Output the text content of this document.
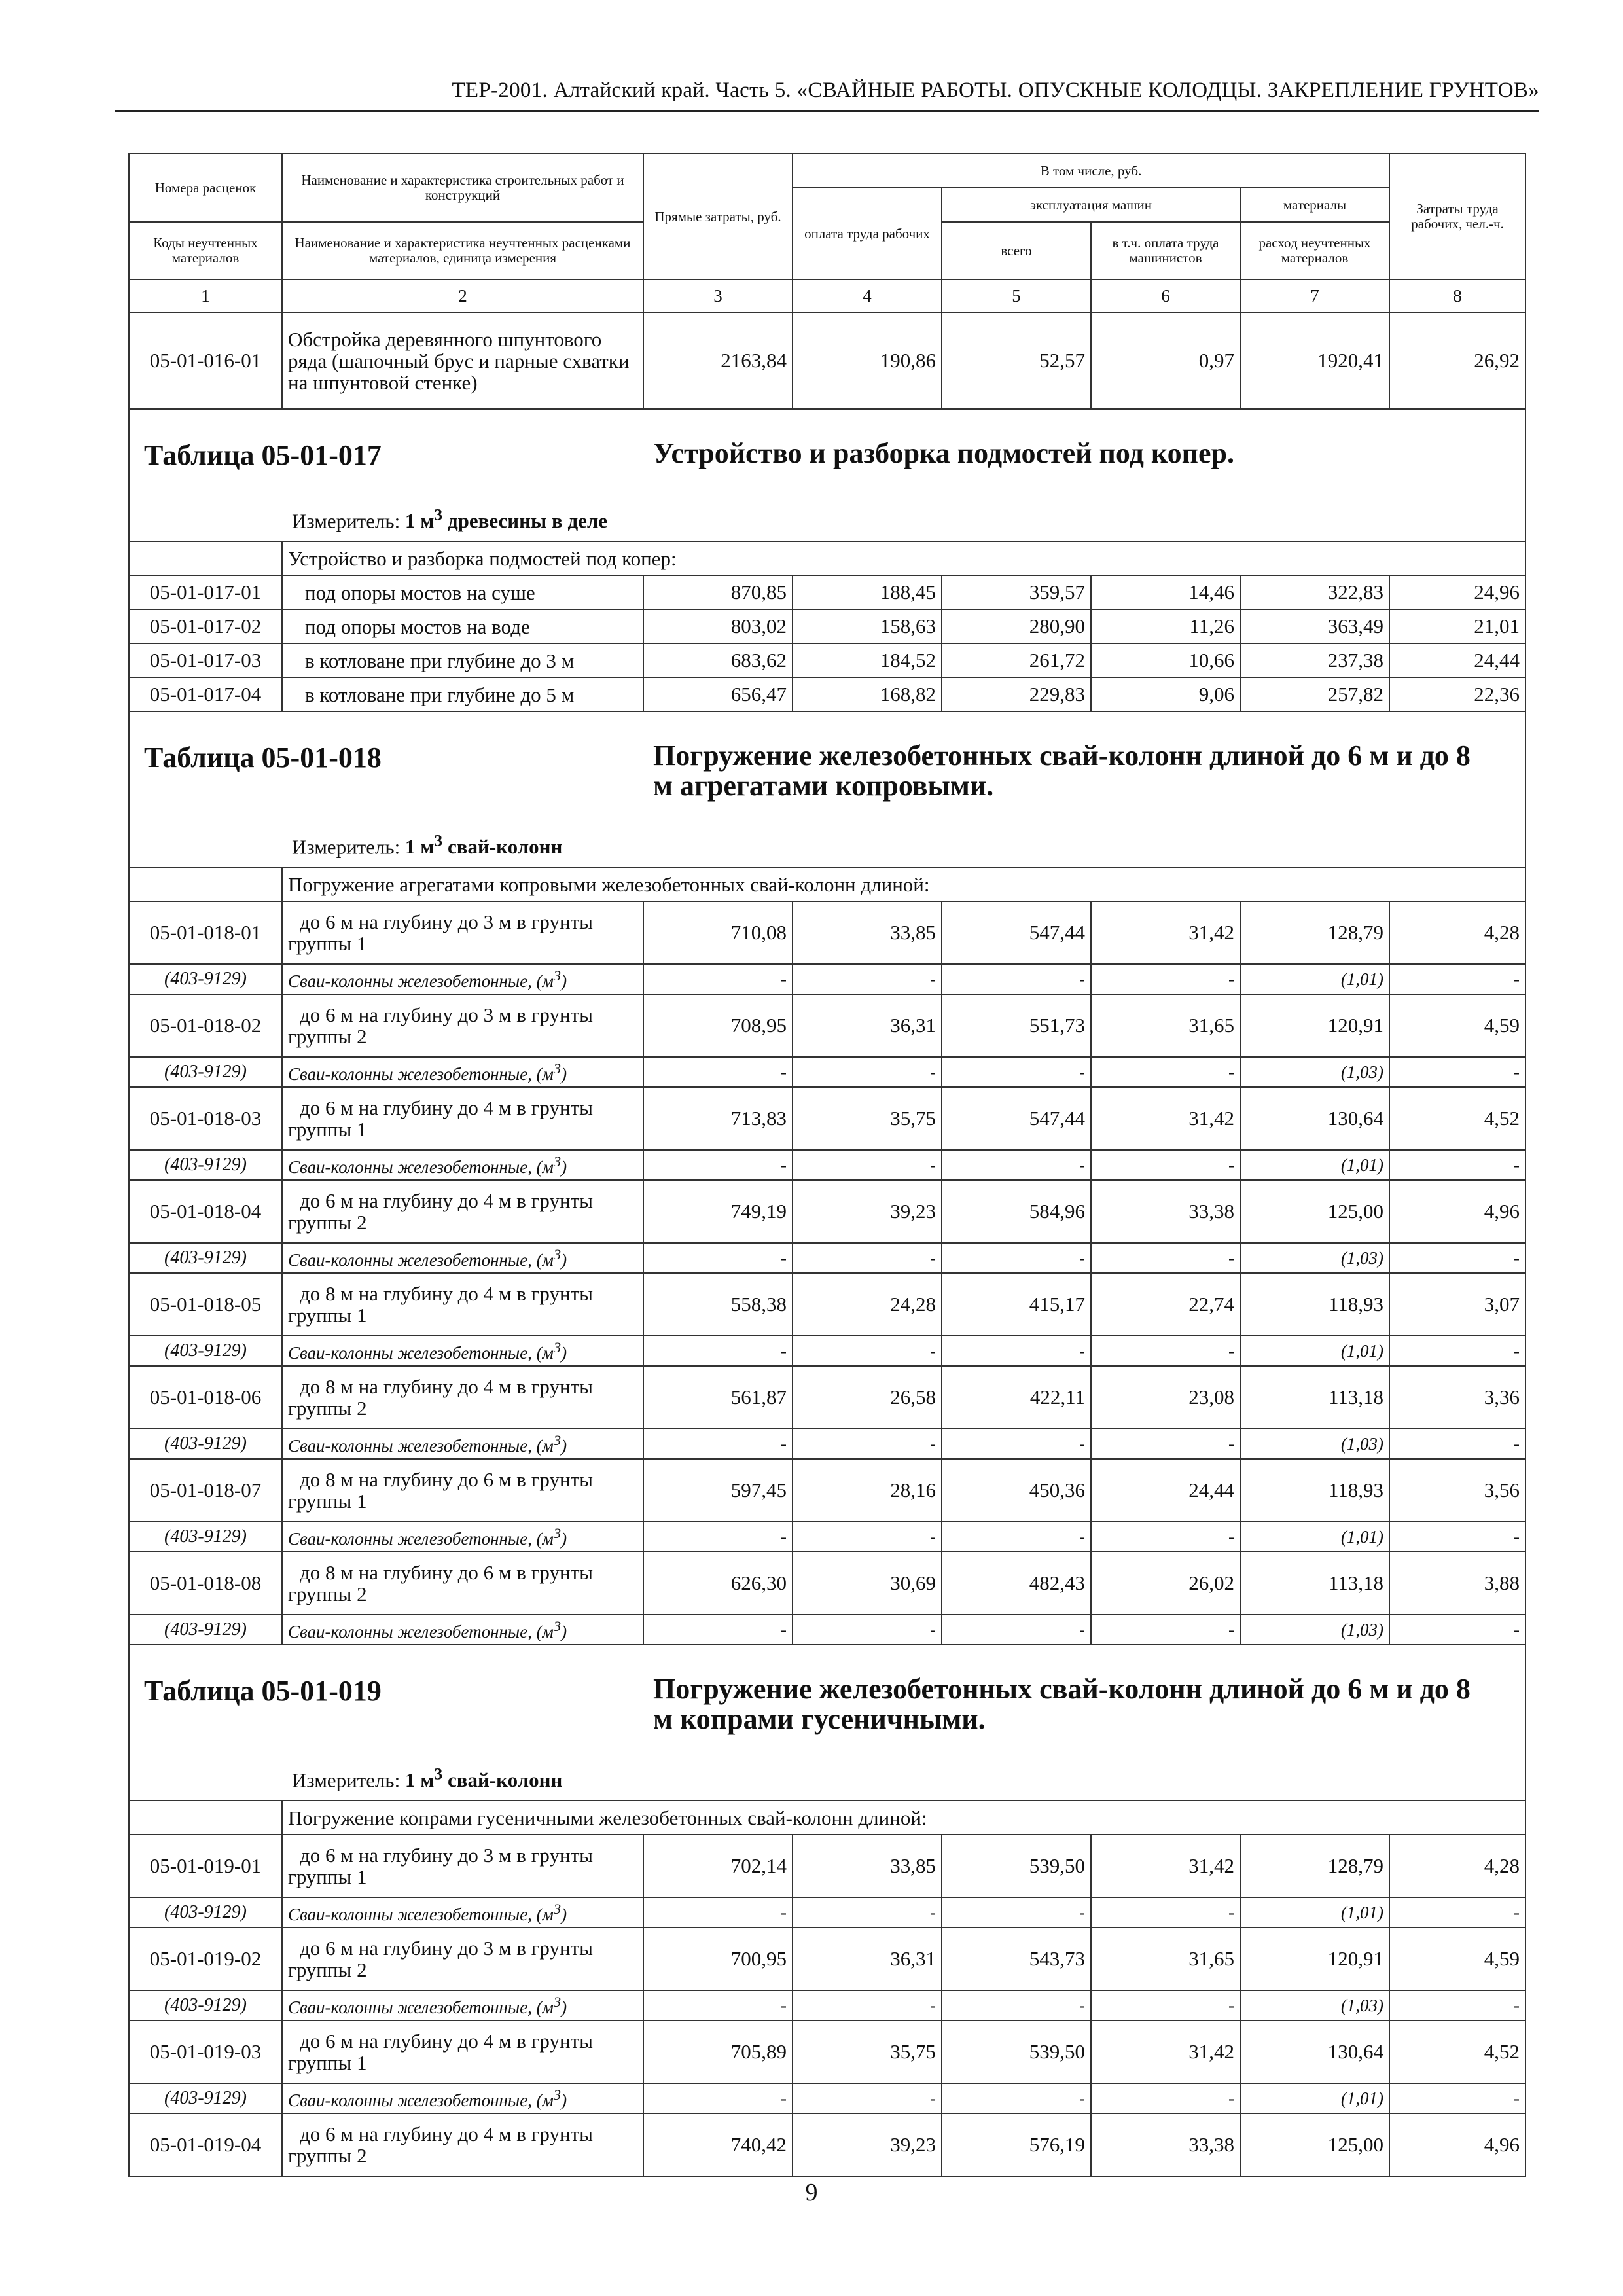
ТЕР-2001. Алтайский край. Часть 5. «СВАЙНЫЕ РАБОТЫ. ОПУСКНЫЕ КОЛОДЦЫ. ЗАКРЕПЛЕНИЕ ГРУНТОВ»
Номера расценок	Наименование и характеристика строительных работ и конструкций	Прямые затраты, руб.	В том числе, руб.				Затраты труда рабочих, чел.-ч.
			оплата труда рабочих	эксплуатация машин		материалы	
Коды неучтенных материалов	Наименование и характеристика неучтенных расценками материалов, единица измерения			всего	в т.ч. оплата труда машинистов	расход неучтенных материалов	
1	2	3	4	5	6	7	8
05-01-016-01	Обстройка деревянного шпунтового ряда (шапочный брус и парные схватки на шпунтовой стенке)	2163,84	190,86	52,57	0,97	1920,41	26,92

Таблица 05-01-017 Устройство и разборка подмостей под копер.
Измеритель: 1 $м^3$ древесины в деле							

	Устройство и разборка подмостей под копер:						
05-01-017-01	под опоры мостов на суше	870,85	188,45	359,57	14,46	322,83	24,96
05-01-017-02	под опоры мостов на воде	803,02	158,63	280,90	11,26	363,49	21,01
05-01-017-03	в котловане при глубине до 3 м	683,62	184,52	261,72	10,66	237,38	24,44
05-01-017-04	в котловане при глубине до 5 м	656,47	168,82	229,83	9,06	257,82	22,36

Таблица 05-01-018 Погружение железобетонных свай-колонн длиной до 6 м и до 8 м агрегатами копровыми.
Измеритель: 1 $м^3$ свай-колонн							

	Погружение агрегатами копровыми железобетонных свай-колонн длиной:						
05-01-018-01	до 6 м на глубину до 3 м в грунты группы 1	710,08	33,85	547,44	31,42	128,79	4,28
(403-9129)	Сваи-колонны железобетонные, $(м^3)$	-	-	-	-	(1,01)	-
05-01-018-02	до 6 м на глубину до 3 м в грунты группы 2	708,95	36,31	551,73	31,65	120,91	4,59
(403-9129)	Сваи-колонны железобетонные, $(м^3)$	-	-	-	-	(1,03)	-
05-01-018-03	до 6 м на глубину до 4 м в грунты группы 1	713,83	35,75	547,44	31,42	130,64	4,52
(403-9129)	Сваи-колонны железобетонные, $(м^3)$	-	-	-	-	(1,01)	-
05-01-018-04	до 6 м на глубину до 4 м в грунты группы 2	749,19	39,23	584,96	33,38	125,00	4,96
(403-9129)	Сваи-колонны железобетонные, $(м^3)$	-	-	-	-	(1,03)	-
05-01-018-05	до 8 м на глубину до 4 м в грунты группы 1	558,38	24,28	415,17	22,74	118,93	3,07
(403-9129)	Сваи-колонны железобетонные, $(м^3)$	-	-	-	-	(1,01)	-
05-01-018-06	до 8 м на глубину до 4 м в грунты группы 2	561,87	26,58	422,11	23,08	113,18	3,36
(403-9129)	Сваи-колонны железобетонные, $(м^3)$	-	-	-	-	(1,03)	-
05-01-018-07	до 8 м на глубину до 6 м в грунты группы 1	597,45	28,16	450,36	24,44	118,93	3,56
(403-9129)	Сваи-колонны железобетонные, $(м^3)$	-	-	-	-	(1,01)	-
05-01-018-08	до 8 м на глубину до 6 м в грунты группы 2	626,30	30,69	482,43	26,02	113,18	3,88
(403-9129)	Сваи-колонны железобетонные, $(м^3)$	-	-	-	-	(1,03)	-

Таблица 05-01-019 Погружение железобетонных свай-колонн длиной до 6 м и до 8 м копрами гусеничными.
Измеритель: 1 $м^3$ свай-колонн							

	Погружение копрами гусеничными железобетонных свай-колонн длиной:						
05-01-019-01	до 6 м на глубину до 3 м в грунты группы 1	702,14	33,85	539,50	31,42	128,79	4,28
(403-9129)	Сваи-колонны железобетонные, $(м^3)$	-	-	-	-	(1,01)	-
05-01-019-02	до 6 м на глубину до 3 м в грунты группы 2	700,95	36,31	543,73	31,65	120,91	4,59
(403-9129)	Сваи-колонны железобетонные, $(м^3)$	-	-	-	-	(1,03)	-
05-01-019-03	до 6 м на глубину до 4 м в грунты группы 1	705,89	35,75	539,50	31,42	130,64	4,52
(403-9129)	Сваи-колонны железобетонные, $(м^3)$	-	-	-	-	(1,01)	-
05-01-019-04	до 6 м на глубину до 4 м в грунты группы 2	740,42	39,23	576,19	33,38	125,00	4,96
9
